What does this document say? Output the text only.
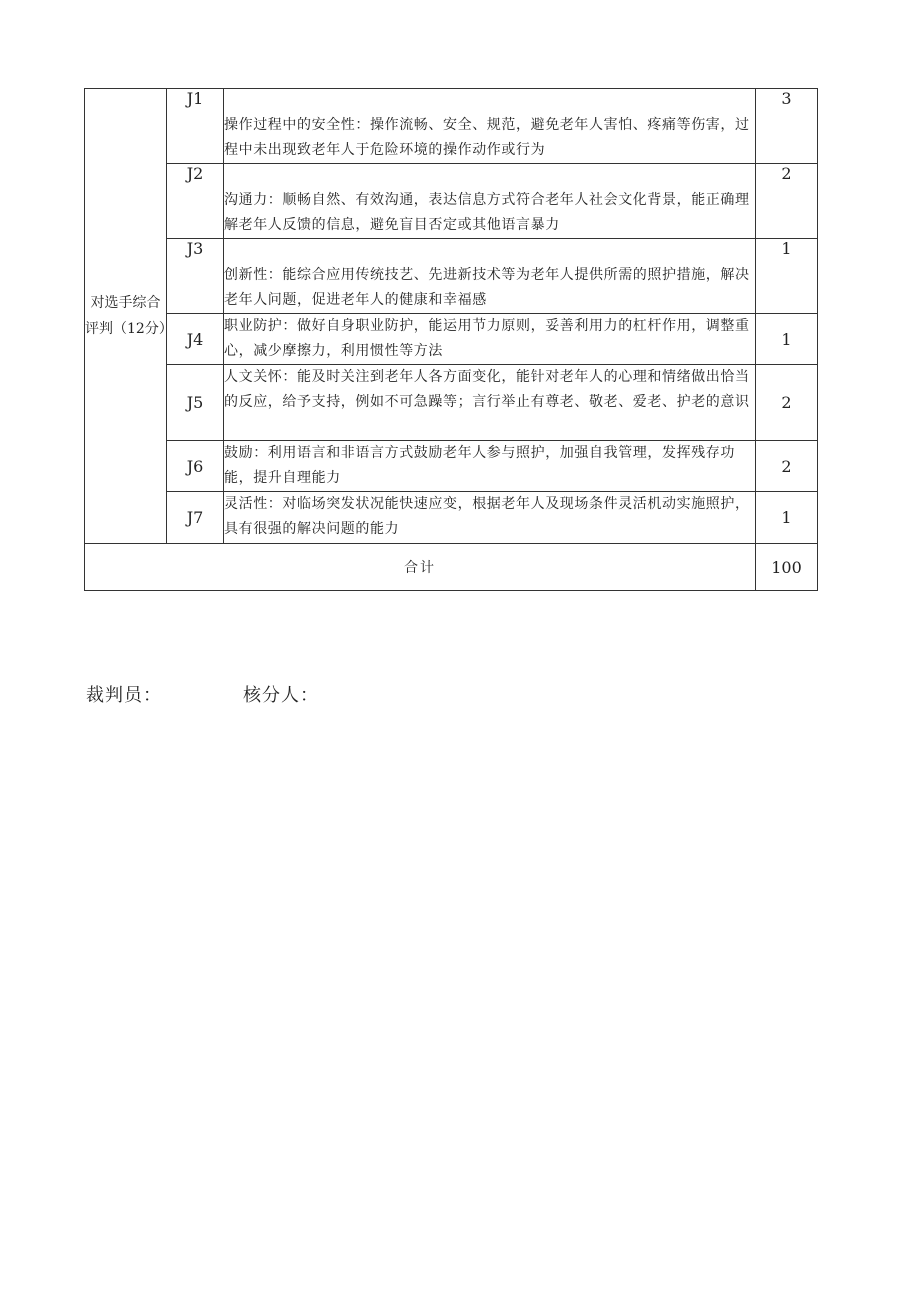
对选手综合评判（12分）	J1	操作过程中的安全性：操作流畅、安全、规范，避免老年人害怕、疼痛等伤害，过程中未出现致老年人于危险环境的操作动作或行为	3
	J2	沟通力：顺畅自然、有效沟通，表达信息方式符合老年人社会文化背景，能正确理解老年人反馈的信息，避免盲目否定或其他语言暴力	2
	J3	创新性：能综合应用传统技艺、先进新技术等为老年人提供所需的照护措施，解决老年人问题，促进老年人的健康和幸福感	1
	J4	职业防护：做好自身职业防护，能运用节力原则，妥善利用力的杠杆作用，调整重心，减少摩擦力，利用惯性等方法	1
	J5	人文关怀：能及时关注到老年人各方面变化，能针对老年人的心理和情绪做出恰当的反应，给予支持，例如不可急躁等；言行举止有尊老、敬老、爱老、护老的意识	2
	J6	鼓励：利用语言和非语言方式鼓励老年人参与照护，加强自我管理，发挥残存功能，提升自理能力	2
	J7	灵活性：对临场突发状况能快速应变，根据老年人及现场条件灵活机动实施照护，具有很强的解决问题的能力	1
合计			100
裁判员：	核分人：
